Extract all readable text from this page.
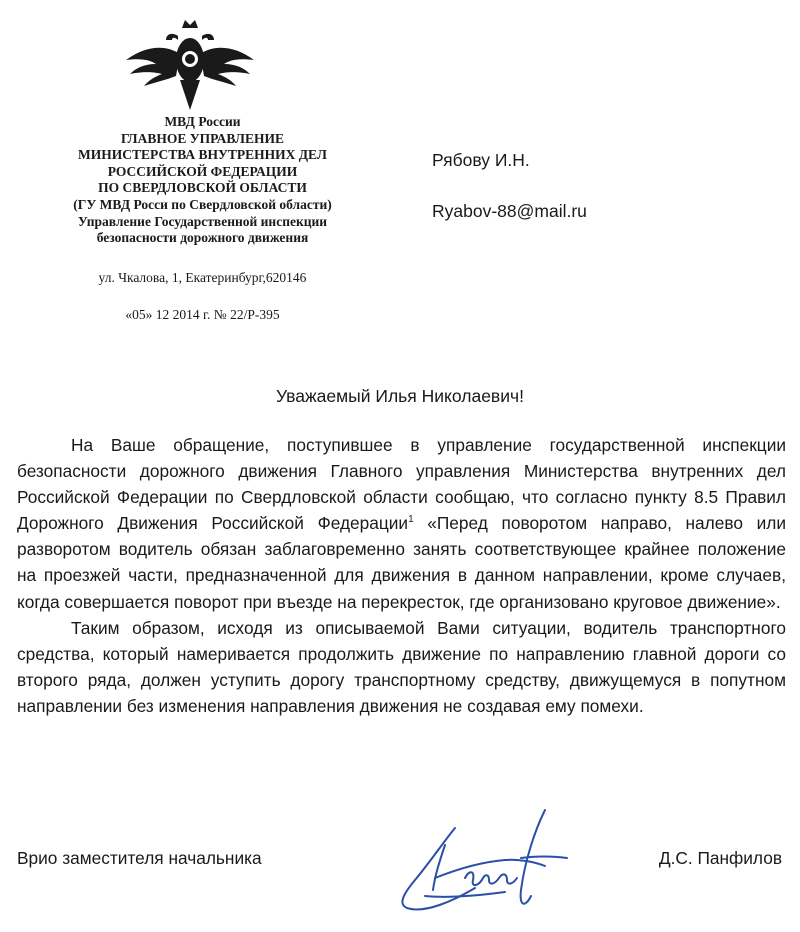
МВД России
ГЛАВНОЕ УПРАВЛЕНИЕ
МИНИСТЕРСТВА ВНУТРЕННИХ ДЕЛ
РОССИЙСКОЙ ФЕДЕРАЦИИ
ПО СВЕРДЛОВСКОЙ ОБЛАСТИ
(ГУ МВД Росси по Свердловской области)
Управление Государственной инспекции
безопасности дорожного движения
ул. Чкалова, 1, Екатеринбург,620146
«05» 12 2014 г. № 22/Р-395
Рябову И.Н.
Ryabov-88@mail.ru
Уважаемый Илья Николаевич!

На Ваше обращение, поступившее в управление государственной инспекции безопасности дорожного движения Главного управления Министерства внутренних дел Российской Федерации по Свердловской области сообщаю, что согласно пункту 8.5 Правил Дорожного Движения Российской Федерации$^1$ «Перед поворотом направо, налево или разворотом водитель обязан заблаговременно занять соответствующее крайнее положение на проезжей части, предназначенной для движения в данном направлении, кроме случаев, когда совершается поворот при въезде на перекресток, где организовано круговое движение».

Таким образом, исходя из описываемой Вами ситуации, водитель транспортного средства, который намеривается продолжить движение по направлению главной дороги со второго ряда, должен уступить дорогу транспортному средству, движущемуся в попутном направлении без изменения направления движения не создавая ему помехи.

Врио заместителя начальника	Д.С. Панфилов
